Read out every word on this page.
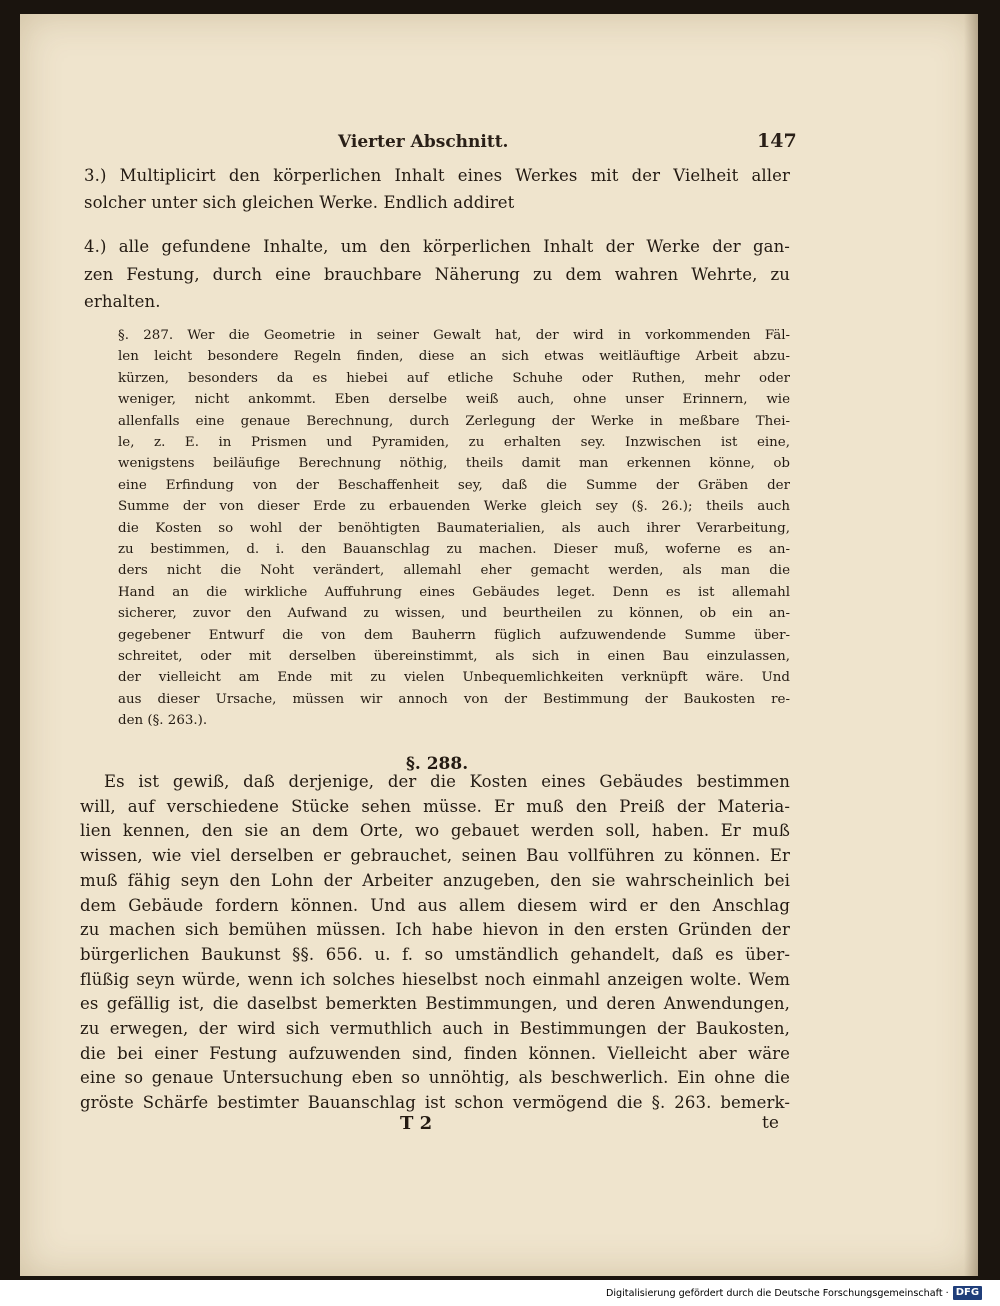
Vierter Abschnitt.	147
3.) Multiplicirt den körperlichen Inhalt eines Werkes mit der Vielheit aller
solcher unter sich gleichen Werke. Endlich addiret
4.) alle gefundene Inhalte, um den körperlichen Inhalt der Werke der gan-
zen Festung, durch eine brauchbare Näherung zu dem wahren Wehrte, zu
erhalten.
§. 287. Wer die Geometrie in seiner Gewalt hat, der wird in vorkommenden Fäl-
len leicht besondere Regeln finden, diese an sich etwas weitläuftige Arbeit abzu-
kürzen, besonders da es hiebei auf etliche Schuhe oder Ruthen, mehr oder
weniger, nicht ankommt. Eben derselbe weiß auch, ohne unser Erinnern, wie
allenfalls eine genaue Berechnung, durch Zerlegung der Werke in meßbare Thei-
le, z. E. in Prismen und Pyramiden, zu erhalten sey. Inzwischen ist eine,
wenigstens beiläufige Berechnung nöthig, theils damit man erkennen könne, ob
eine Erfindung von der Beschaffenheit sey, daß die Summe der Gräben der
Summe der von dieser Erde zu erbauenden Werke gleich sey (§. 26.); theils auch
die Kosten so wohl der benöhtigten Baumaterialien, als auch ihrer Verarbeitung,
zu bestimmen, d. i. den Bauanschlag zu machen. Dieser muß, woferne es an-
ders nicht die Noht verändert, allemahl eher gemacht werden, als man die
Hand an die wirkliche Auffuhrung eines Gebäudes leget. Denn es ist allemahl
sicherer, zuvor den Aufwand zu wissen, und beurtheilen zu können, ob ein an-
gegebener Entwurf die von dem Bauherrn füglich aufzuwendende Summe über-
schreitet, oder mit derselben übereinstimmt, als sich in einen Bau einzulassen,
der vielleicht am Ende mit zu vielen Unbequemlichkeiten verknüpft wäre. Und
aus dieser Ursache, müssen wir annoch von der Bestimmung der Baukosten re-
den (§. 263.).
§. 288.
Es ist gewiß, daß derjenige, der die Kosten eines Gebäudes bestimmen
will, auf verschiedene Stücke sehen müsse. Er muß den Preiß der Materia-
lien kennen, den sie an dem Orte, wo gebauet werden soll, haben. Er muß
wissen, wie viel derselben er gebrauchet, seinen Bau vollführen zu können. Er
muß fähig seyn den Lohn der Arbeiter anzugeben, den sie wahrscheinlich bei
dem Gebäude fordern können. Und aus allem diesem wird er den Anschlag
zu machen sich bemühen müssen. Ich habe hievon in den ersten Gründen der
bürgerlichen Baukunst §§. 656. u. f. so umständlich gehandelt, daß es über-
flüßig seyn würde, wenn ich solches hieselbst noch einmahl anzeigen wolte. Wem
es gefällig ist, die daselbst bemerkten Bestimmungen, und deren Anwendungen,
zu erwegen, der wird sich vermuthlich auch in Bestimmungen der Baukosten,
die bei einer Festung aufzuwenden sind, finden können. Vielleicht aber wäre
eine so genaue Untersuchung eben so unnöhtig, als beschwerlich. Ein ohne die
gröste Schärfe bestimter Bauanschlag ist schon vermögend die §. 263. bemerk-
T 2	te
Digitalisierung gefördert durch die Deutsche Forschungsgemeinschaft · DFG
